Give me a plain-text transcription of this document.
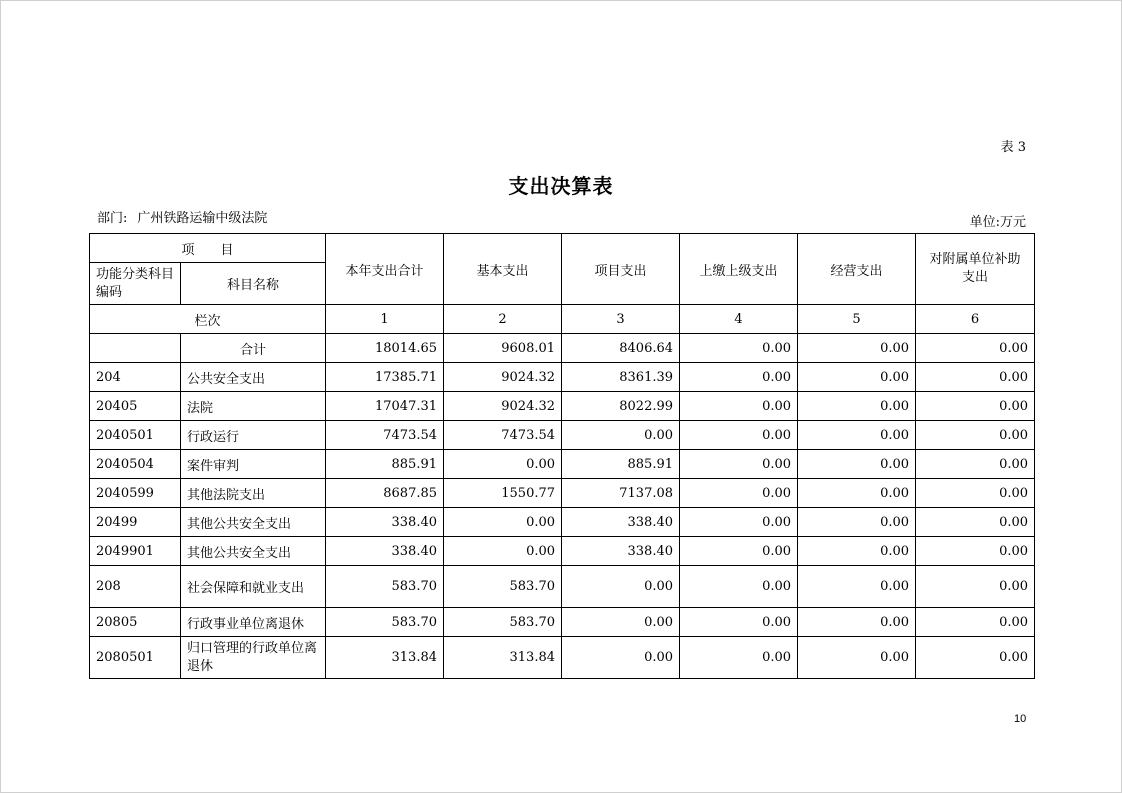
表 3
支出决算表
部门: 广州铁路运输中级法院	单位:万元
项　　目		本年支出合计	基本支出	项目支出	上缴上级支出	经营支出	对附属单位补助支出
功能分类科目编码	科目名称						
栏次		1	2	3	4	5	6
	合计	18014.65	9608.01	8406.64	0.00	0.00	0.00
204	公共安全支出	17385.71	9024.32	8361.39	0.00	0.00	0.00
20405	法院	17047.31	9024.32	8022.99	0.00	0.00	0.00
2040501	行政运行	7473.54	7473.54	0.00	0.00	0.00	0.00
2040504	案件审判	885.91	0.00	885.91	0.00	0.00	0.00
2040599	其他法院支出	8687.85	1550.77	7137.08	0.00	0.00	0.00
20499	其他公共安全支出	338.40	0.00	338.40	0.00	0.00	0.00
2049901	其他公共安全支出	338.40	0.00	338.40	0.00	0.00	0.00
208	社会保障和就业支出	583.70	583.70	0.00	0.00	0.00	0.00
20805	行政事业单位离退休	583.70	583.70	0.00	0.00	0.00	0.00
2080501	归口管理的行政单位离退休	313.84	313.84	0.00	0.00	0.00	0.00
10
